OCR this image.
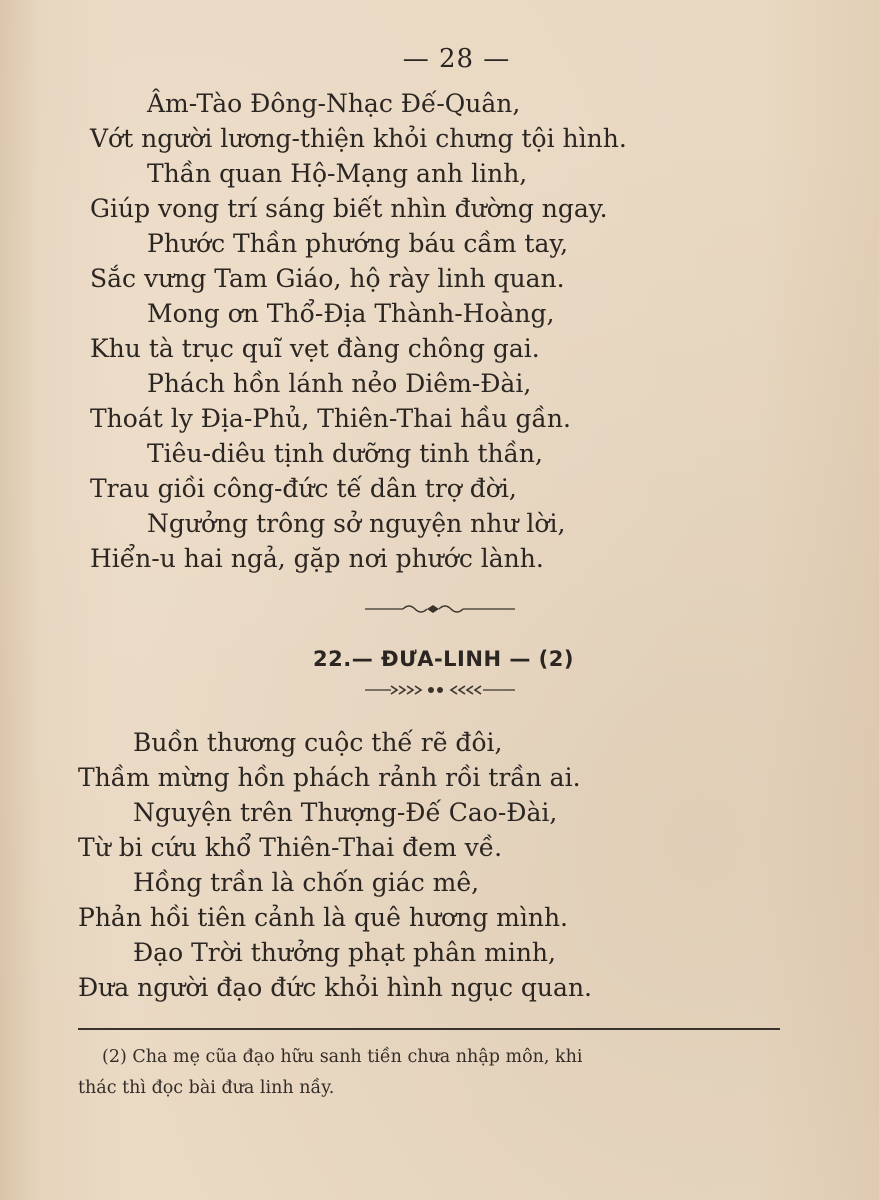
— 28 —
Âm-Tào Đông-Nhạc Đế-Quân,
Vớt người lương-thiện khỏi chưng tội hình.
Thần quan Hộ-Mạng anh linh,
Giúp vong trí sáng biết nhìn đường ngay.
Phước Thần phướng báu cầm tay,
Sắc vưng Tam Giáo, hộ rày linh quan.
Mong ơn Thổ-Địa Thành-Hoàng,
Khu tà trục quĩ vẹt đàng chông gai.
Phách hồn lánh nẻo Diêm-Đài,
Thoát ly Địa-Phủ, Thiên-Thai hầu gần.
Tiêu-diêu tịnh dưỡng tinh thần,
Trau giồi công-đức tế dân trợ đời,
Ngưởng trông sở nguyện như lời,
Hiển-u hai ngả, gặp nơi phước lành.
22.— ĐƯA-LINH — (2)
Buồn thương cuộc thế rẽ đôi,
Thầm mừng hồn phách rảnh rồi trần ai.
Nguyện trên Thượng-Đế Cao-Đài,
Từ bi cứu khổ Thiên-Thai đem về.
Hồng trần là chốn giác mê,
Phản hồi tiên cảnh là quê hương mình.
Đạo Trời thưởng phạt phân minh,
Đưa người đạo đức khỏi hình ngục quan.
(2) Cha mẹ cũa đạo hữu sanh tiền chưa nhập môn, khi
thác thì đọc bài đưa linh nầy.
